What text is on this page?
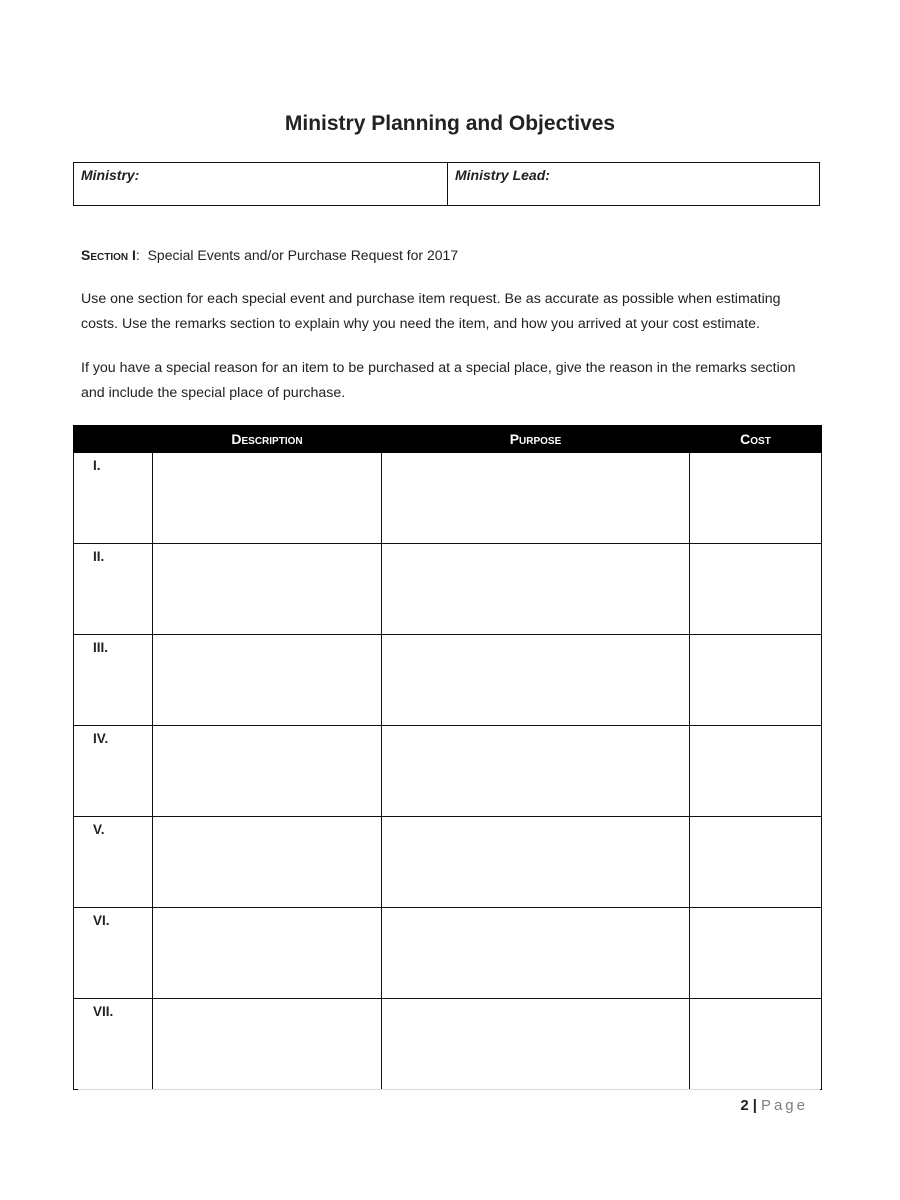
Ministry Planning and Objectives
Ministry:	Ministry Lead:
Section I: Special Events and/or Purchase Request for 2017
Use one section for each special event and purchase item request. Be as accurate as possible when estimating costs. Use the remarks section to explain why you need the item, and how you arrived at your cost estimate.
If you have a special reason for an item to be purchased at a special place, give the reason in the remarks section and include the special place of purchase.
	Description	Purpose	Cost
I.			
II.			
III.			
IV.			
V.			
VI.			
VII.			
2 | Page
